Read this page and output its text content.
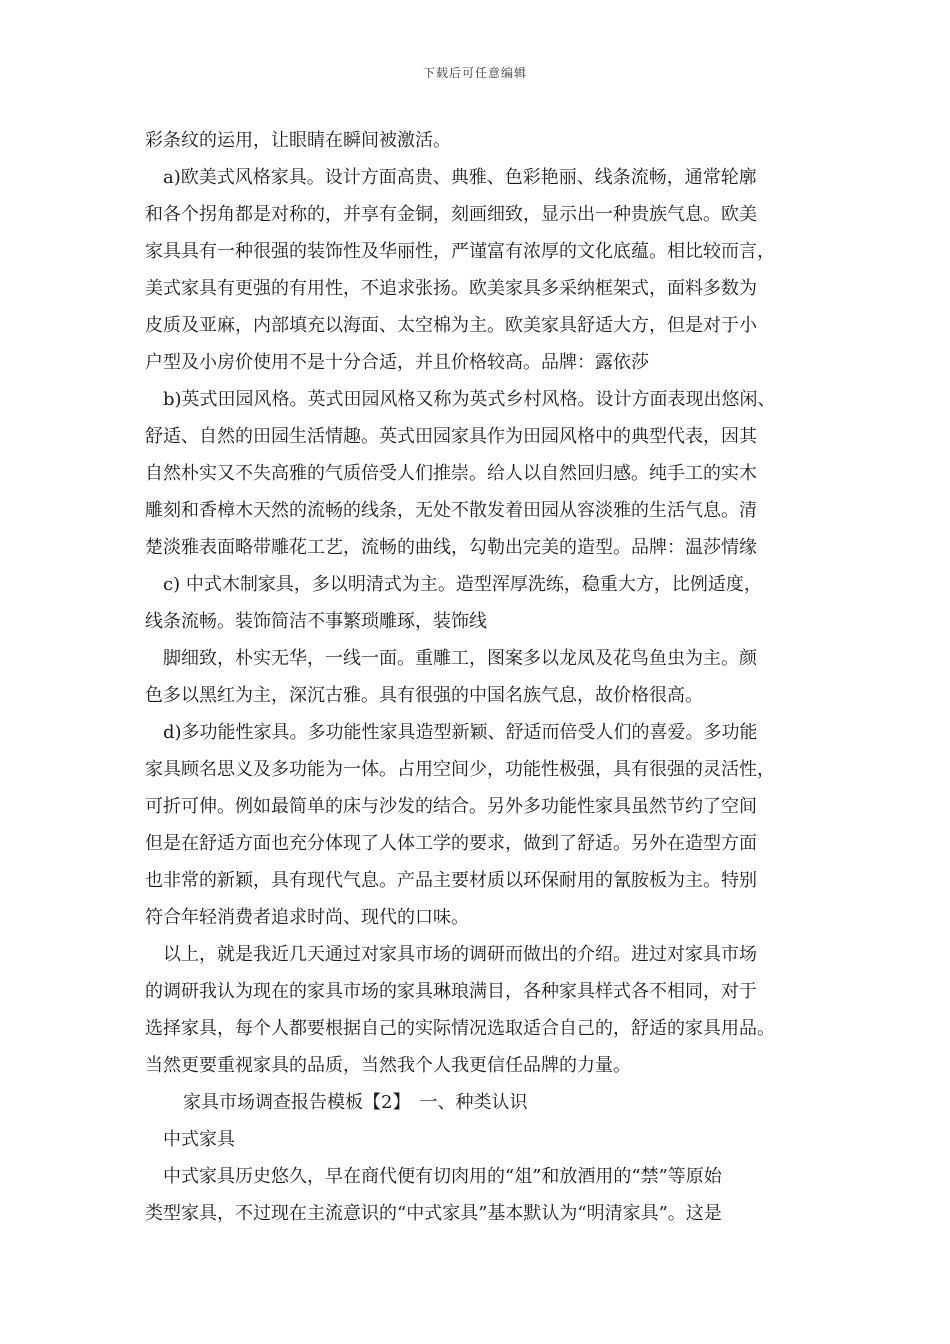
下载后可任意编辑
彩条纹的运用，让眼睛在瞬间被激活。
a)欧美式风格家具。设计方面高贵、典雅、色彩艳丽、线条流畅，通常轮廓
和各个拐角都是对称的，并享有金铜，刻画细致，显示出一种贵族气息。欧美
家具具有一种很强的装饰性及华丽性，严谨富有浓厚的文化底蕴。相比较而言，
美式家具有更强的有用性，不追求张扬。欧美家具多采纳框架式，面料多数为
皮质及亚麻，内部填充以海面、太空棉为主。欧美家具舒适大方，但是对于小
户型及小房价使用不是十分合适，并且价格较高。品牌：露依莎
b)英式田园风格。英式田园风格又称为英式乡村风格。设计方面表现出悠闲、
舒适、自然的田园生活情趣。英式田园家具作为田园风格中的典型代表，因其
自然朴实又不失高雅的气质倍受人们推崇。给人以自然回归感。纯手工的实木
雕刻和香樟木天然的流畅的线条，无处不散发着田园从容淡雅的生活气息。清
楚淡雅表面略带雕花工艺，流畅的曲线，勾勒出完美的造型。品牌：温莎情缘
c) 中式木制家具，多以明清式为主。造型浑厚洗练，稳重大方，比例适度，
线条流畅。装饰简洁不事繁琐雕琢，装饰线
脚细致，朴实无华，一线一面。重雕工，图案多以龙凤及花鸟鱼虫为主。颜
色多以黑红为主，深沉古雅。具有很强的中国名族气息，故价格很高。
d)多功能性家具。多功能性家具造型新颖、舒适而倍受人们的喜爱。多功能
家具顾名思义及多功能为一体。占用空间少，功能性极强，具有很强的灵活性，
可折可伸。例如最简单的床与沙发的结合。另外多功能性家具虽然节约了空间
但是在舒适方面也充分体现了人体工学的要求，做到了舒适。另外在造型方面
也非常的新颖，具有现代气息。产品主要材质以环保耐用的氰胺板为主。特别
符合年轻消费者追求时尚、现代的口味。
以上，就是我近几天通过对家具市场的调研而做出的介绍。进过对家具市场
的调研我认为现在的家具市场的家具琳琅满目，各种家具样式各不相同，对于
选择家具，每个人都要根据自己的实际情况选取适合自己的，舒适的家具用品。
当然更要重视家具的品质，当然我个人我更信任品牌的力量。
家具市场调查报告模板【2】　一、种类认识
中式家具
中式家具历史悠久，早在商代便有切肉用的“俎”和放酒用的“禁”等原始
类型家具，不过现在主流意识的“中式家具”基本默认为“明清家具”。这是
